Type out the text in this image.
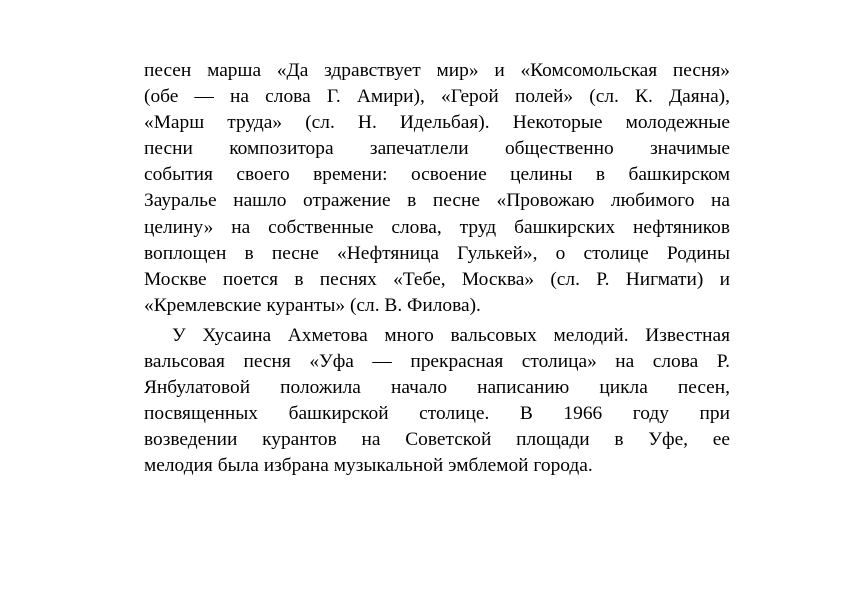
песен марша «Да здравствует мир» и «Комсомольская песня»
(обе — на слова Г. Амири), «Герой полей» (сл. К. Даяна),
«Марш труда» (сл. Н. Идельбая). Некоторые молодежные
песни композитора запечатлели общественно значимые
события своего времени: освоение целины в башкирском
Зауралье нашло отражение в песне «Провожаю любимого на
целину» на собственные слова, труд башкирских нефтяников
воплощен в песне «Нефтяница Гулькей», о столице Родины
Москве поется в песнях «Тебе, Москва» (сл. Р. Нигмати) и
«Кремлевские куранты» (сл. В. Филова).
У Хусаина Ахметова много вальсовых мелодий. Известная
вальсовая песня «Уфа — прекрасная столица» на слова Р.
Янбулатовой положила начало написанию цикла песен,
посвященных башкирской столице. В 1966 году при
возведении курантов на Советской площади в Уфе, ее
мелодия была избрана музыкальной эмблемой города.
